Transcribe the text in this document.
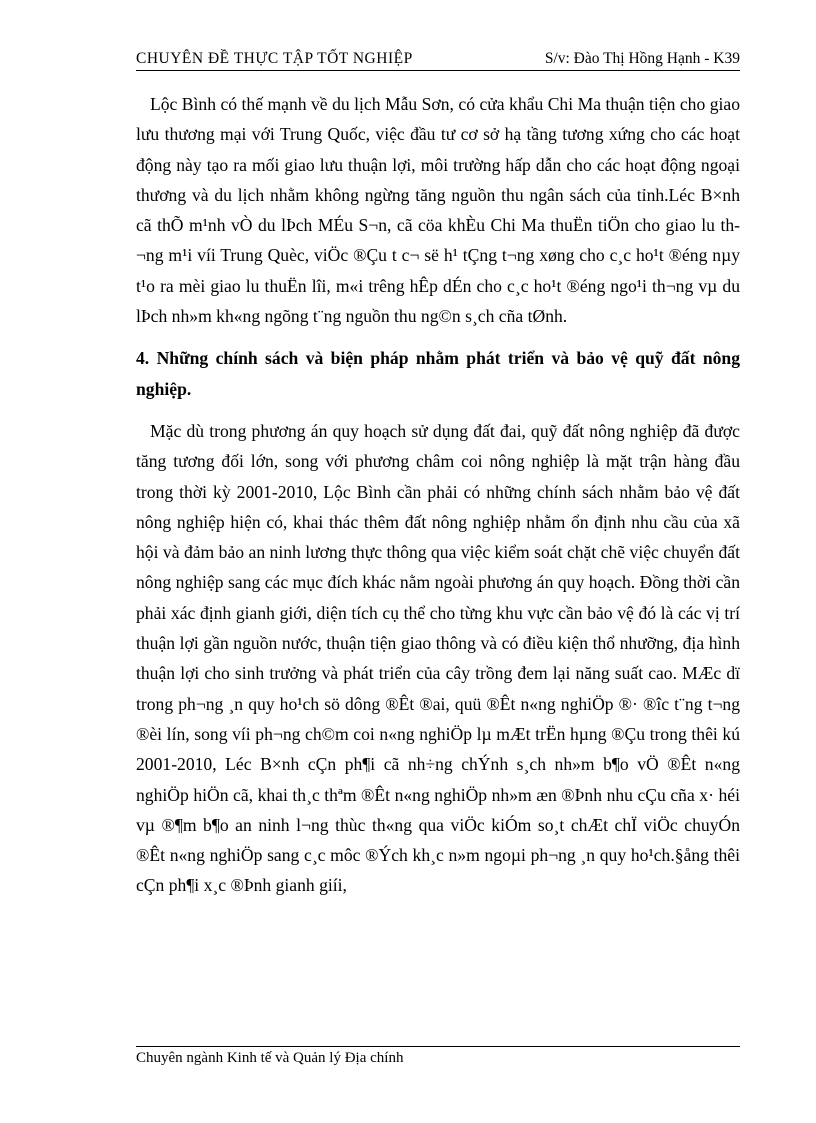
CHUYÊN ĐỀ THỰC TẬP TỐT NGHIỆP	S/v: Đào Thị Hồng Hạnh - K39

Lộc Bình có thế mạnh về du lịch Mẫu Sơn, có cửa khẩu Chi Ma thuận tiện cho giao lưu thương mại với Trung Quốc, việc đầu tư cơ sở hạ tầng tương xứng cho các hoạt động này tạo ra mối giao lưu thuận lợi, môi trường hấp dẫn cho các hoạt động ngoại thương và du lịch nhằm không ngừng tăng nguồn thu ngân sách của tỉnh.Léc B×nh cã thÕ m¹nh vÒ du lÞch MÉu S¬n, cã cöa khÈu Chi Ma thuËn tiÖn cho giao lu th¬ng m¹i víi Trung Quèc, viÖc ®Çu t c¬ së h¹ tÇng t¬ng xøng cho c¸c ho¹t ®éng nµy t¹o ra mèi giao lu thuËn lîi, m«i trêng hÊp dÉn cho c¸c ho¹t ®éng ngo¹i th¬ng vµ du lÞch nh»m kh«ng ngõng t¨ng nguồn thu ng©n s¸ch cña tØnh.

4. Những chính sách và biện pháp nhằm phát triển và bảo vệ quỹ đất nông nghiệp.

Mặc dù trong phương án quy hoạch sử dụng đất đai, quỹ đất nông nghiệp đã được tăng tương đối lớn, song với phương châm coi nông nghiệp là mặt trận hàng đầu trong thời kỳ 2001-2010, Lộc Bình cần phải có những chính sách nhằm bảo vệ đất nông nghiệp hiện có, khai thác thêm đất nông nghiệp nhằm ổn định nhu cầu của xã hội và đảm bảo an ninh lương thực thông qua việc kiểm soát chặt chẽ việc chuyển đất nông nghiệp sang các mục đích khác nằm ngoài phương án quy hoạch. Đồng thời cần phải xác định gianh giới, diện tích cụ thể cho từng khu vực cần bảo vệ đó là các vị trí thuận lợi gần nguồn nước, thuận tiện giao thông và có điều kiện thổ nhưỡng, địa hình thuận lợi cho sinh trưởng và phát triển của cây trồng đem lại năng suất cao. MÆc dï trong ph¬ng ¸n quy ho¹ch sö dông ®Êt ®ai, quü ®Êt n«ng nghiÖp ®· ®îc t¨ng t¬ng ®èi lín, song víi ph¬ng ch©m coi n«ng nghiÖp lµ mÆt trËn hµng ®Çu trong thêi kú 2001-2010, Léc B×nh cÇn ph¶i cã nh÷ng chÝnh s¸ch nh»m b¶o vÖ ®Êt n«ng nghiÖp hiÖn cã, khai th¸c thªm ®Êt n«ng nghiÖp nh»m æn ®Þnh nhu cÇu cña x· héi vµ ®¶m b¶o an ninh l¬ng thùc th«ng qua viÖc kiÓm so¸t chÆt chÏ viÖc chuyÓn ®Êt n«ng nghiÖp sang c¸c môc ®Ých kh¸c n»m ngoµi ph¬ng ¸n quy ho¹ch.§ång thêi cÇn ph¶i x¸c ®Þnh gianh giíi,

Chuyên ngành Kinh tế và Quản lý Địa chính
